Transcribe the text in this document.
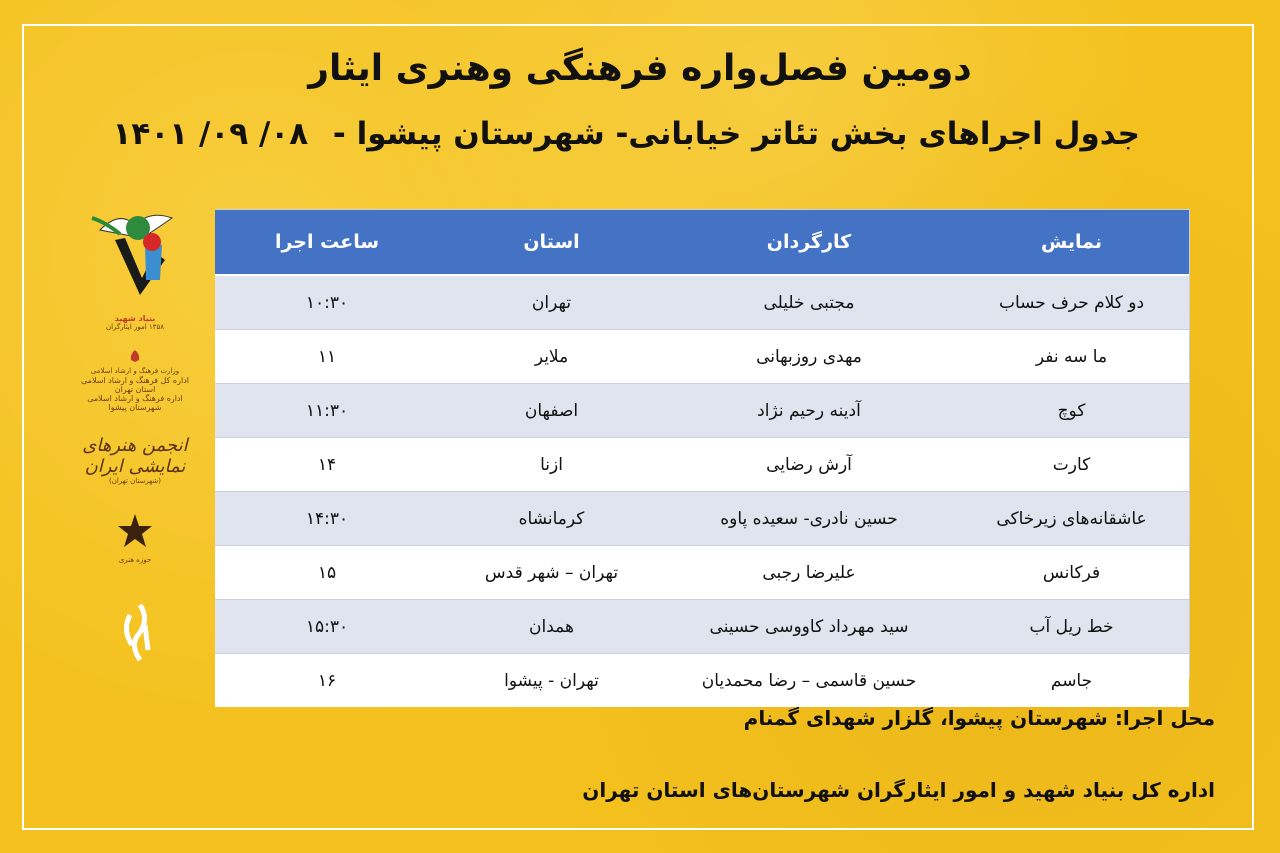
دومین فصل‌واره فرهنگی وهنری ایثار
جدول اجراهای بخش تئاتر خیابانی- شهرستان پیشوا - ۱۴۰۱ /۰۹ /۰۸
بنیاد شهید
۱۳۵۸ امور ایثارگران
وزارت فرهنگ و ارشاد اسلامی
اداره کل فرهنگ و ارشاد اسلامی استان تهران
اداره فرهنگ و ارشاد اسلامی شهرستان پیشوا
انجمن هنرهای نمایشی ایران
(شهرستان تهران)
حوزه هنری
نمایش	کارگردان	استان	ساعت اجرا
دو کلام حرف حساب	مجتبی خلیلی	تهران	۱۰:۳۰
ما سه نفر	مهدی روزبهانی	ملایر	۱۱
کوچ	آدینه رحیم نژاد	اصفهان	۱۱:۳۰
کارت	آرش رضایی	ازنا	۱۴
عاشقانه‌های زیرخاکی	حسین نادری- سعیده پاوه	کرمانشاه	۱۴:۳۰
فرکانس	علیرضا رجبی	تهران – شهر قدس	۱۵
خط ریل آب	سید مهرداد کاووسی حسینی	همدان	۱۵:۳۰
جاسم	حسین قاسمی – رضا محمدیان	تهران - پیشوا	۱۶
محل اجرا: شهرستان پیشوا، گلزار شهدای گمنام
اداره کل بنیاد شهید و امور ایثارگران شهرستان‌های استان تهران
